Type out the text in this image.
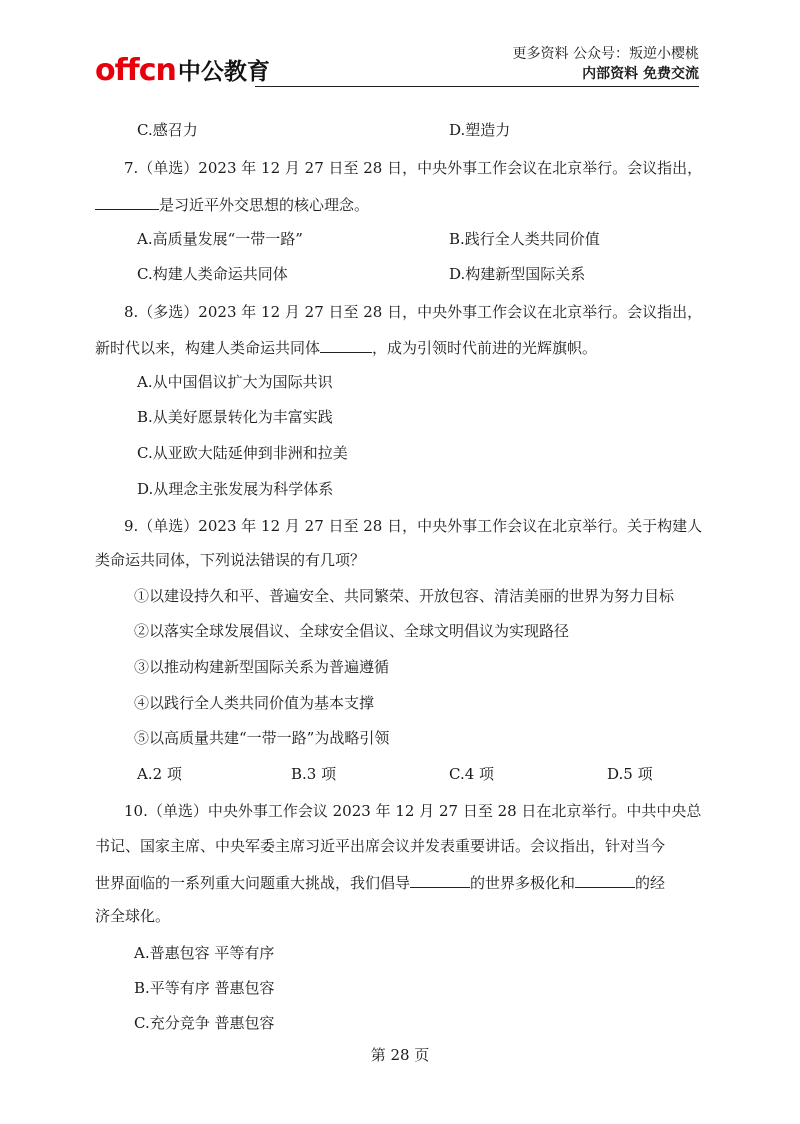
offcn 中公教育
更多资料 公众号：叛逆小樱桃
内部资料 免费交流
C.感召力	D.塑造力
7.（单选）2023 年 12 月 27 日至 28 日，中央外事工作会议在北京举行。会议指出，
是习近平外交思想的核心理念。
A.高质量发展“一带一路”	B.践行全人类共同价值
C.构建人类命运共同体	D.构建新型国际关系
8.（多选）2023 年 12 月 27 日至 28 日，中央外事工作会议在北京举行。会议指出，
新时代以来，构建人类命运共同体	，成为引领时代前进的光辉旗帜。
A.从中国倡议扩大为国际共识
B.从美好愿景转化为丰富实践
C.从亚欧大陆延伸到非洲和拉美
D.从理念主张发展为科学体系
9.（单选）2023 年 12 月 27 日至 28 日，中央外事工作会议在北京举行。关于构建人
类命运共同体，下列说法错误的有几项？
①以建设持久和平、普遍安全、共同繁荣、开放包容、清洁美丽的世界为努力目标
②以落实全球发展倡议、全球安全倡议、全球文明倡议为实现路径
③以推动构建新型国际关系为普遍遵循
④以践行全人类共同价值为基本支撑
⑤以高质量共建“一带一路”为战略引领
A.2 项	B.3 项	C.4 项	D.5 项
10.（单选）中央外事工作会议 2023 年 12 月 27 日至 28 日在北京举行。中共中央总
书记、国家主席、中央军委主席习近平出席会议并发表重要讲话。会议指出，针对当今
世界面临的一系列重大问题重大挑战，我们倡导	的世界多极化和	的经
济全球化。
A.普惠包容 平等有序
B.平等有序 普惠包容
C.充分竞争 普惠包容
第 28 页
